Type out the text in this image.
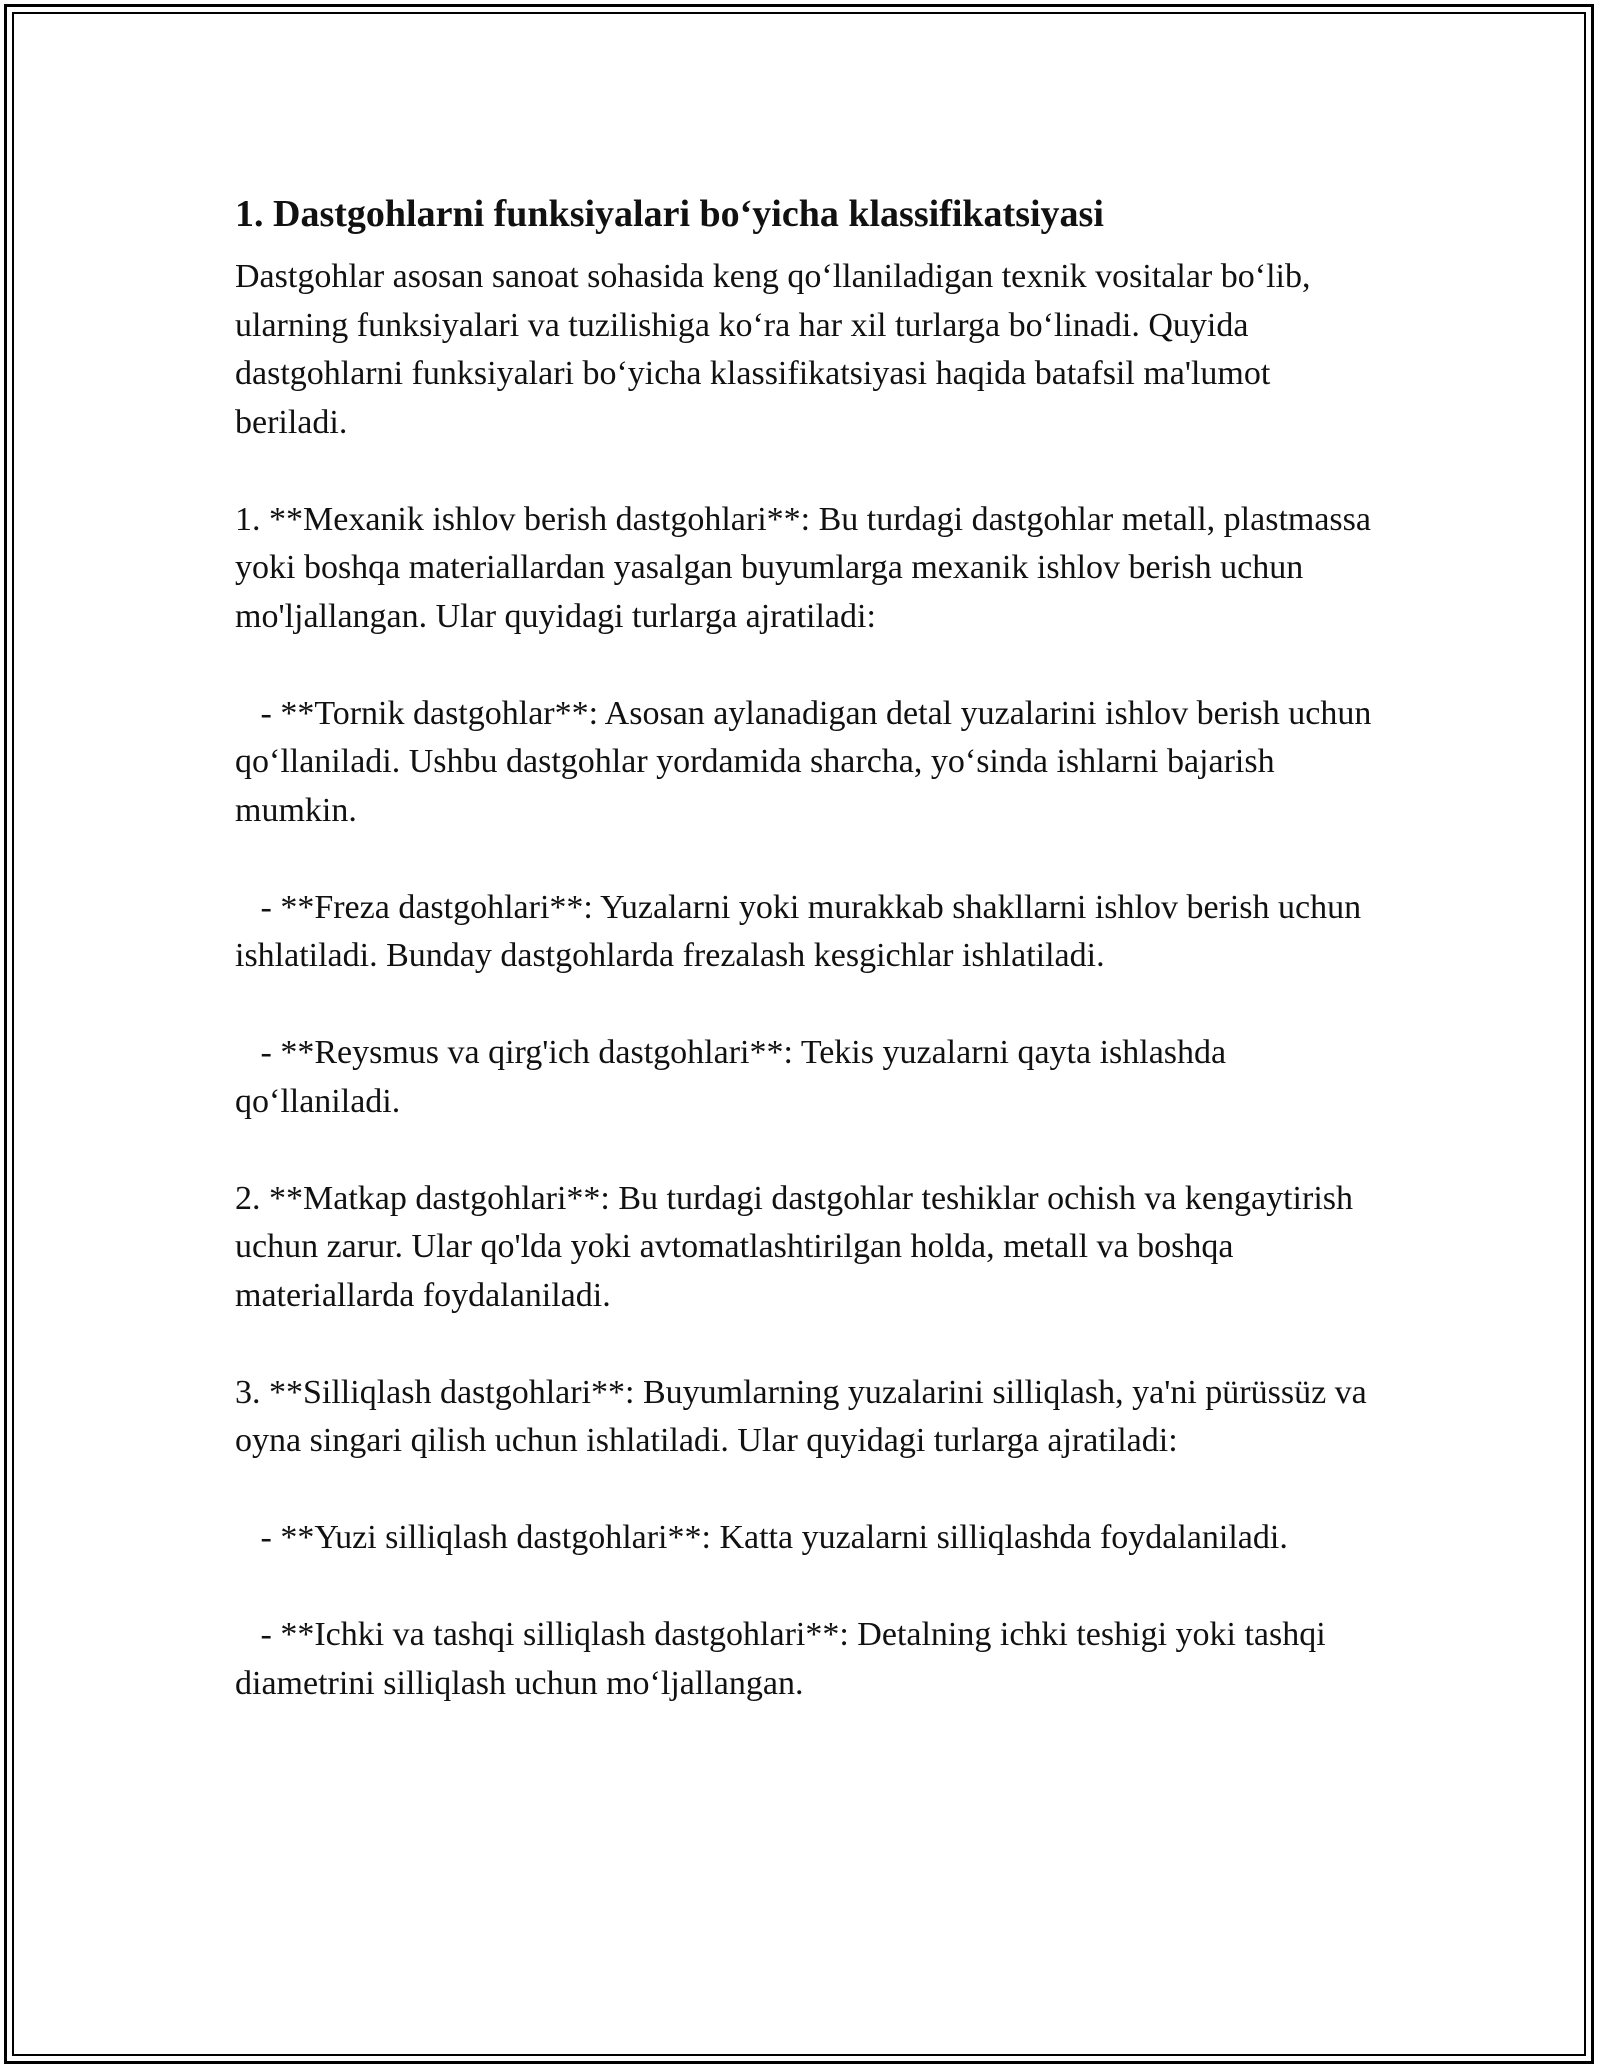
1. Dastgohlarni funksiyalari bo‘yicha klassifikatsiyasi

Dastgohlar asosan sanoat sohasida keng qo‘llaniladigan texnik vositalar bo‘lib, ularning funksiyalari va tuzilishiga ko‘ra har xil turlarga bo‘linadi. Quyida dastgohlarni funksiyalari bo‘yicha klassifikatsiyasi haqida batafsil ma'lumot beriladi.

1. **Mexanik ishlov berish dastgohlari**: Bu turdagi dastgohlar metall, plastmassa yoki boshqa materiallardan yasalgan buyumlarga mexanik ishlov berish uchun mo'ljallangan. Ular quyidagi turlarga ajratiladi:

- **Tornik dastgohlar**: Asosan aylanadigan detal yuzalarini ishlov berish uchun qo‘llaniladi. Ushbu dastgohlar yordamida sharcha, yo‘sinda ishlarni bajarish mumkin.

- **Freza dastgohlari**: Yuzalarni yoki murakkab shakllarni ishlov berish uchun ishlatiladi. Bunday dastgohlarda frezalash kesgichlar ishlatiladi.

- **Reysmus va qirg'ich dastgohlari**: Tekis yuzalarni qayta ishlashda qo‘llaniladi.

2. **Matkap dastgohlari**: Bu turdagi dastgohlar teshiklar ochish va kengaytirish uchun zarur. Ular qo'lda yoki avtomatlashtirilgan holda, metall va boshqa materiallarda foydalaniladi.

3. **Silliqlash dastgohlari**: Buyumlarning yuzalarini silliqlash, ya'ni pürüssüz va oyna singari qilish uchun ishlatiladi. Ular quyidagi turlarga ajratiladi:

- **Yuzi silliqlash dastgohlari**: Katta yuzalarni silliqlashda foydalaniladi.

- **Ichki va tashqi silliqlash dastgohlari**: Detalning ichki teshigi yoki tashqi diametrini silliqlash uchun mo‘ljallangan.
